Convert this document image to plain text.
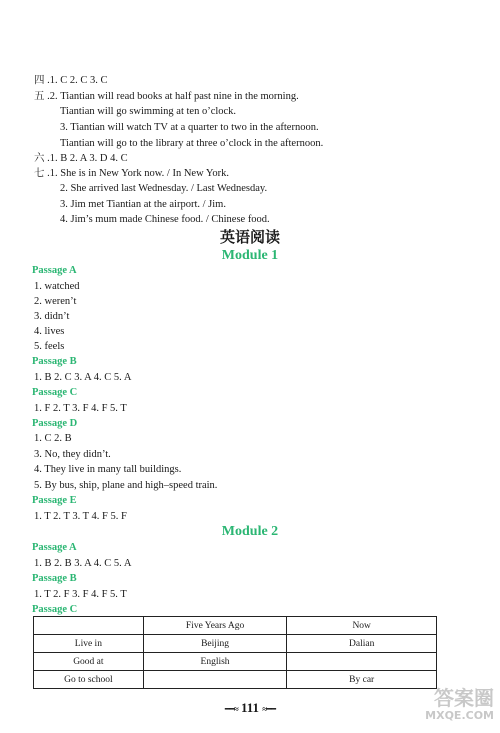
四 .1. C 2. C 3. C
五 .2. Tiantian will read books at half past nine in the morning.
Tiantian will go swimming at ten o’clock.
3. Tiantian will watch TV at a quarter to two in the afternoon.
Tiantian will go to the library at three o’clock in the afternoon.
六 .1. B 2. A 3. D 4. C
七 .1. She is in New York now. / In New York.
2. She arrived last Wednesday. / Last Wednesday.
3. Jim met Tiantian at the airport. / Jim.
4. Jim’s mum made Chinese food. / Chinese food.
英语阅读
Module 1
Passage A
1. watched
2. weren’t
3. didn’t
4. lives
5. feels
Passage B
1. B 2. C 3. A 4. C 5. A
Passage C
1. F 2. T 3. F 4. F 5. T
Passage D
1. C 2. B
3. No, they didn’t.
4. They live in many tall buildings.
5. By bus, ship, plane and high–speed train.
Passage E
1. T 2. T 3. T 4. F 5. F
Module 2
Passage A
1. B 2. B 3. A 4. C 5. A
Passage B
1. T 2. F 3. F 4. F 5. T
Passage C
	Five Years Ago	Now
Live in	Beijing	Dalian
Good at	English	
Go to school		By car
━━≈ 111 ≈━━	答案圈
MXQE.COM
